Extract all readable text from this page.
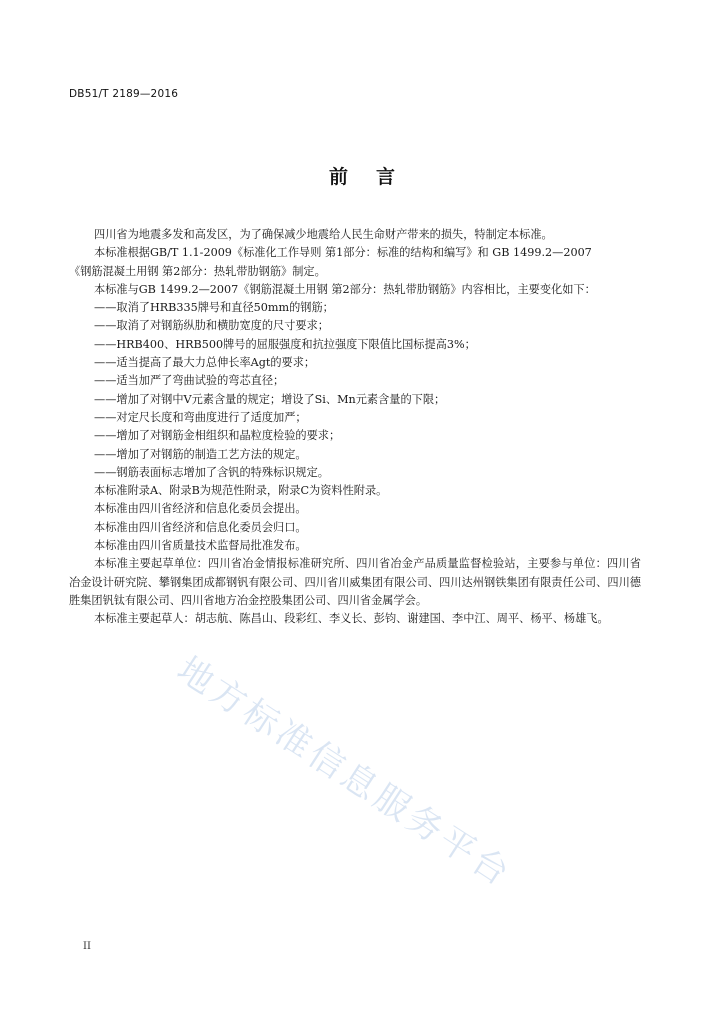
DB51/T 2189—2016
前 言

四川省为地震多发和高发区，为了确保减少地震给人民生命财产带来的损失，特制定本标准。

本标准根据GB/T 1.1-2009《标准化工作导则 第1部分：标准的结构和编写》和 GB 1499.2—2007

《钢筋混凝土用钢 第2部分：热轧带肋钢筋》制定。

本标准与GB 1499.2—2007《钢筋混凝土用钢 第2部分：热轧带肋钢筋》内容相比，主要变化如下：

——取消了HRB335牌号和直径50mm的钢筋；

——取消了对钢筋纵肋和横肋宽度的尺寸要求；

——HRB400、HRB500牌号的屈服强度和抗拉强度下限值比国标提高3%；

——适当提高了最大力总伸长率Agt的要求；

——适当加严了弯曲试验的弯芯直径；

——增加了对钢中V元素含量的规定；增设了Si、Mn元素含量的下限；

——对定尺长度和弯曲度进行了适度加严；

——增加了对钢筋金相组织和晶粒度检验的要求；

——增加了对钢筋的制造工艺方法的规定。

——钢筋表面标志增加了含钒的特殊标识规定。

本标准附录A、附录B为规范性附录，附录C为资料性附录。

本标准由四川省经济和信息化委员会提出。

本标准由四川省经济和信息化委员会归口。

本标准由四川省质量技术监督局批准发布。

本标准主要起草单位：四川省冶金情报标准研究所、四川省冶金产品质量监督检验站，主要参与单位：四川省冶金设计研究院、攀钢集团成都钢钒有限公司、四川省川威集团有限公司、四川达州钢铁集团有限责任公司、四川德胜集团钒钛有限公司、四川省地方冶金控股集团公司、四川省金属学会。

本标准主要起草人：胡志航、陈昌山、段彩红、李义长、彭钧、谢建国、李中江、周平、杨平、杨雄飞。

地方标准信息服务平台
II
